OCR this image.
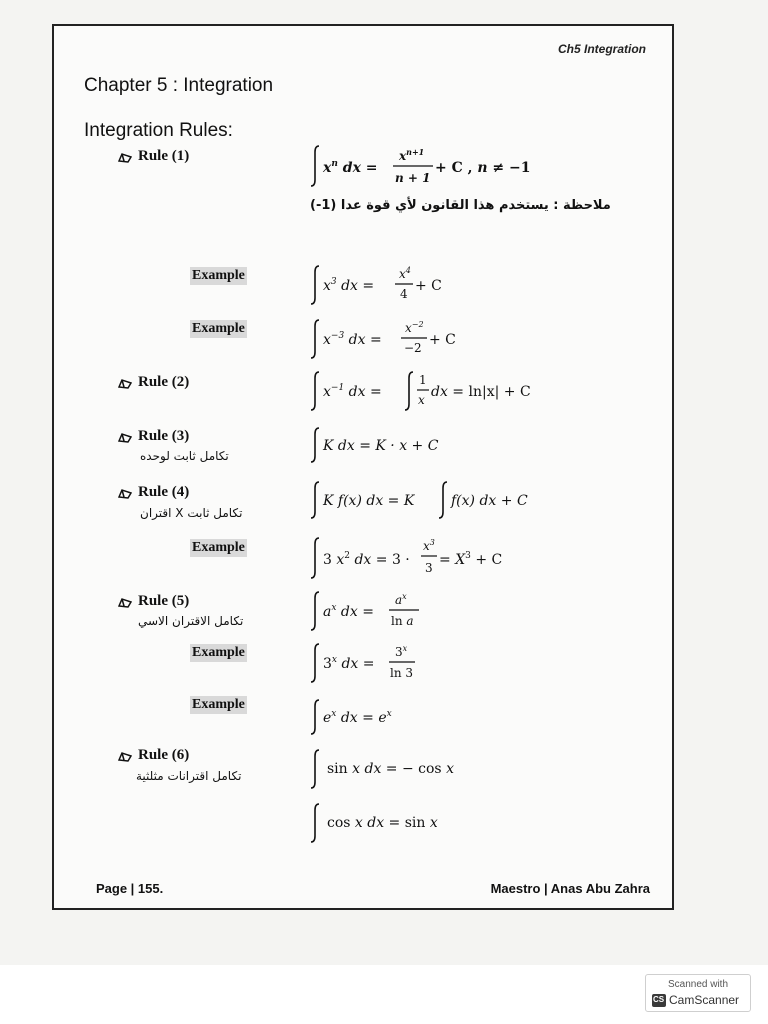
Ch5 Integration
Chapter 5 : Integration
Integration Rules:
Rule (1)
$x^n$ dx =
$x^{n+1}$
n + 1
+ C , n ≠ −1
ملاحظة : يستخدم هذا القانون لأي قوة عدا (1-)
Example
$x^3$ dx =
$x^4$
4 + C
Example
$x^{-3}$ dx =
$x^{-2}$
−2 + C
Rule (2)
$x^{-1}$ dx =
1
x dx = ln|x| + C
Rule (3)
تكامل ثابت لوحده
K dx = K · x + C
Rule (4)
تكامل ثابت X اقتران
K f(x) dx = K	f(x) dx + C
Example
3 $x^2$ dx = 3 ·
$x^3$
$3 = X^3 + C$
Rule (5)
تكامل الاقتران الاسي
$a^x$ dx =
$a^x$
ln a
Example
3$^x$ dx =
$3^x$
ln 3
Example
$e^x$ dx = $e^x$
Rule (6)
تكامل اقترانات مثلثية	sin x dx = − cos x
cos x dx = sin x
Page | 155.	Maestro | Anas Abu Zahra
Scanned with
CS CamScanner
